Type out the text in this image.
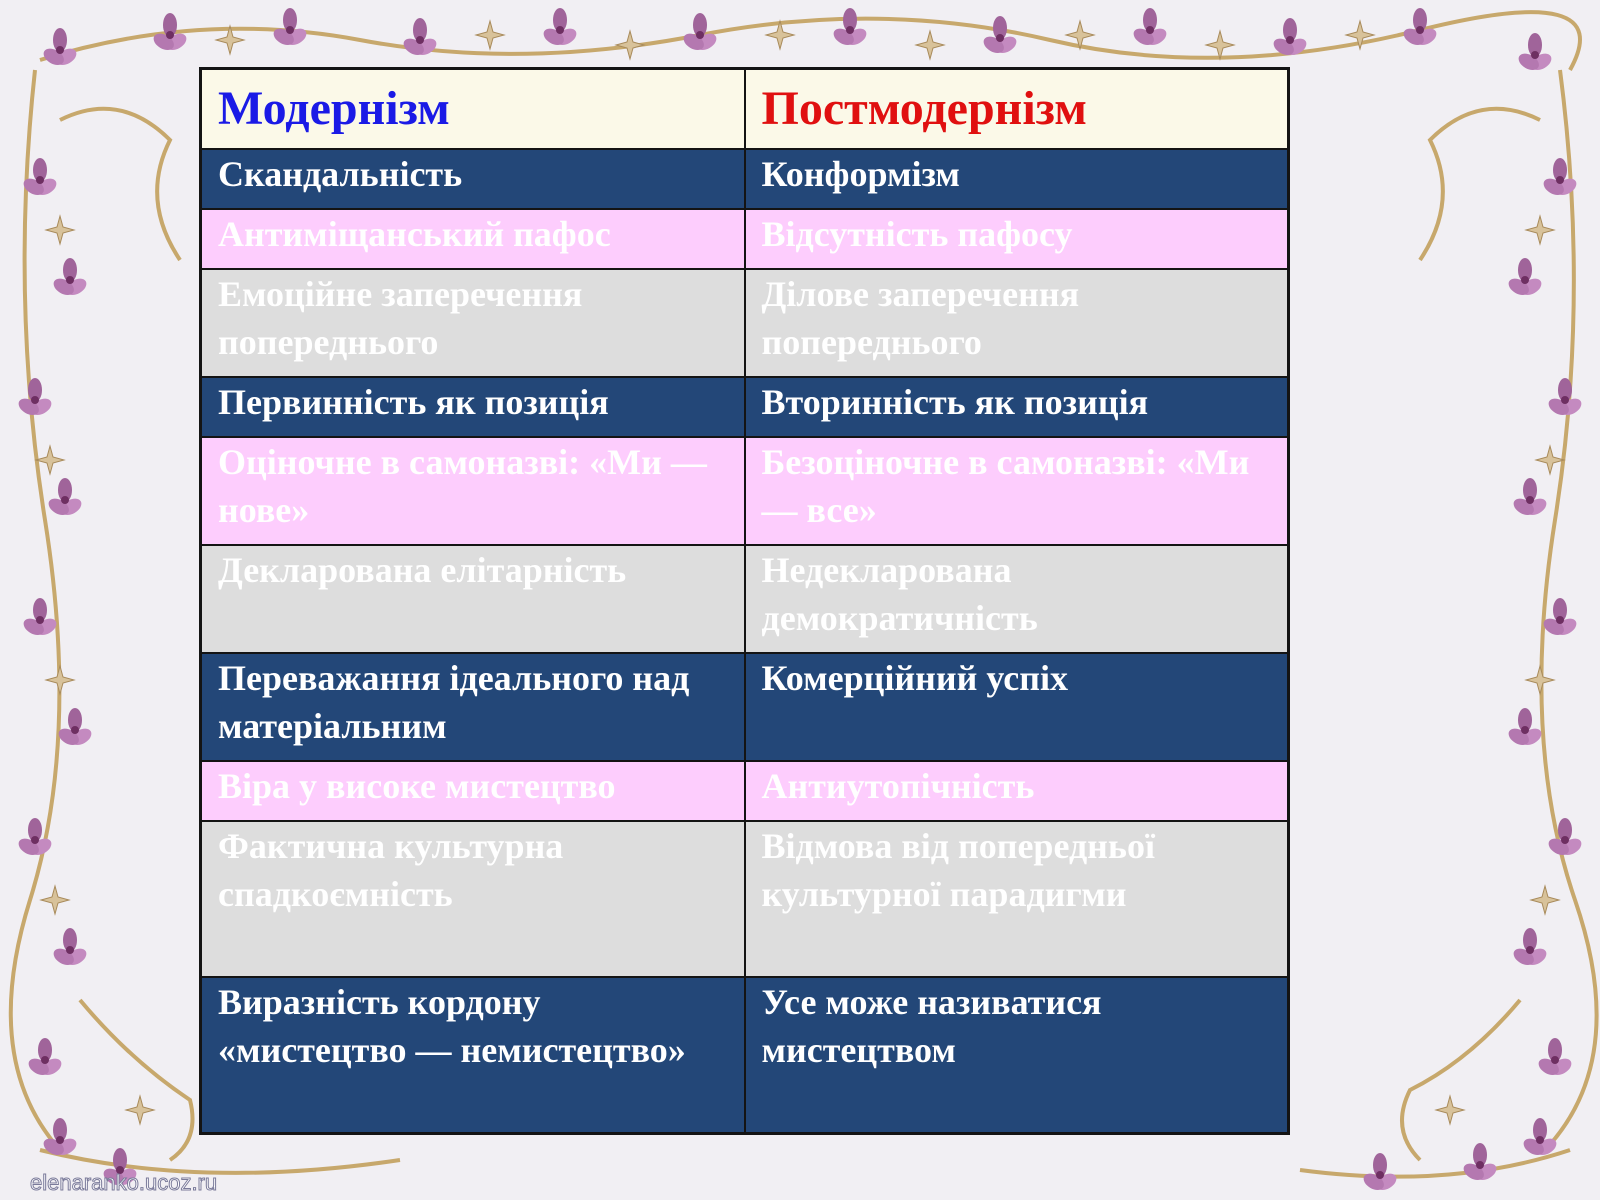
Модернізм	Постмодернізм
Скандальність	Конформізм
Антиміщанський пафос	Відсутність пафосу
Емоційне заперечення попереднього	Ділове заперечення попереднього
Первинність як позиція	Вторинність як позиція
Оціночне в самоназві: «Ми — нове»	Безоціночне в самоназві: «Ми — все»
Декларована елітарність	Недекларована демократичність
Переважання ідеального над матеріальним	Комерційний успіх
Віра у високе мистецтво	Антиутопічність
Фактична культурна спадкоємність	Відмова від попередньої культурної парадигми
Виразність кордону «мистецтво — немистецтво»	Усе може називатися мистецтвом
elenaranko.ucoz.ru
